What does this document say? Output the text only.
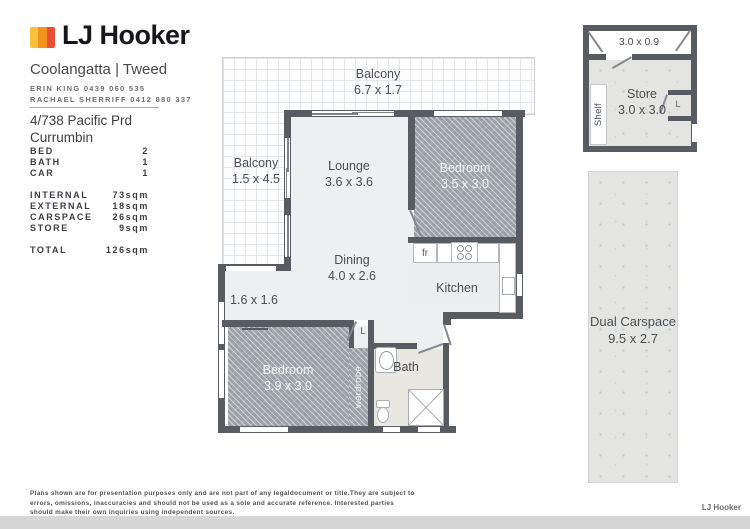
LJ Hooker
Coolangatta | Tweed
ERIN KING 0439 060 535
RACHAEL SHERRIFF 0412 880 337
4/738 Pacific Prd
Currumbin
BED	2
BATH	1
CAR	1
INTERNAL	73sqm
EXTERNAL 18sqm
CARSPACE 26sqm
STORE	9sqm
TOTAL	126sqm	fr
Balcony
6.7 x 1.7
Balcony
1.5 x 4.5
Lounge
3.6 x 3.6
Bedroom
3.5 x 3.0
Dining
4.0 x 2.6
Kitchen
1.6 x 1.6
Bedroom
3.9 x 3.0
Bath
L
wardrobe
L
Shelf
3.0 x 0.9
Store
3.0 x 3.0
Dual Carspace
9.5 x 2.7
Plans shown are for presentation purposes only and are not part of any legaldocument or title.They are subject to
errors, omissions, inaccuracies and should not be used as a sole and accurate reference. Interested parties
should make their own inquiries using independent sources.
LJ Hooker
